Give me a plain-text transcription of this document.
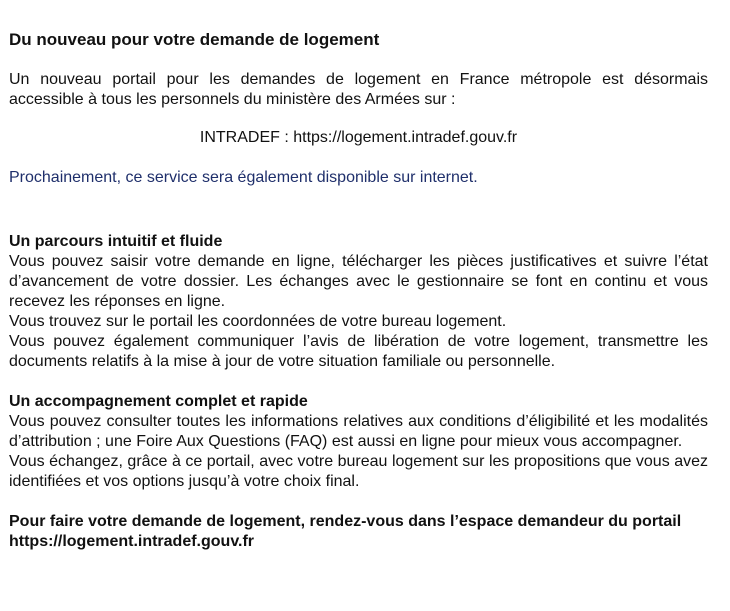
Du nouveau pour votre demande de logement

Un nouveau portail pour les demandes de logement en France métropole est désormais accessible à tous les personnels du ministère des Armées sur :

INTRADEF : https://logement.intradef.gouv.fr

Prochainement, ce service sera également disponible sur internet.

Un parcours intuitif et fluide

Vous pouvez saisir votre demande en ligne, télécharger les pièces justificatives et suivre l’état d’avancement de votre dossier. Les échanges avec le gestionnaire se font en continu et vous recevez les réponses en ligne.

Vous trouvez sur le portail les coordonnées de votre bureau logement.

Vous pouvez également communiquer l’avis de libération de votre logement, transmettre les documents relatifs à la mise à jour de votre situation familiale ou personnelle.

Un accompagnement complet et rapide

Vous pouvez consulter toutes les informations relatives aux conditions d’éligibilité et les modalités d’attribution ; une Foire Aux Questions (FAQ) est aussi en ligne pour mieux vous accompagner.

Vous échangez, grâce à ce portail, avec votre bureau logement sur les propositions que vous avez identifiées et vos options jusqu’à votre choix final.

Pour faire votre demande de logement, rendez-vous dans l’espace demandeur du portail
https://logement.intradef.gouv.fr
